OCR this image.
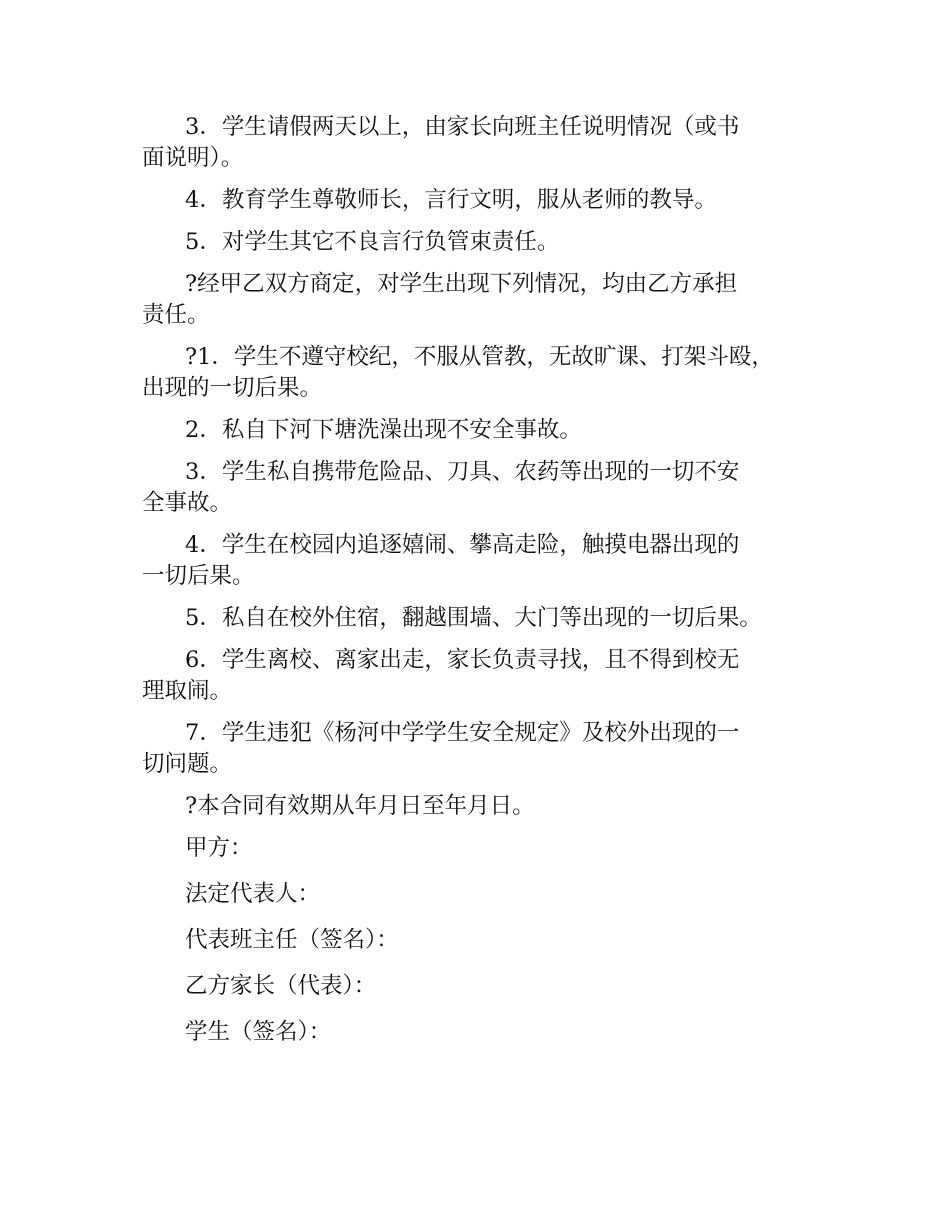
3．学生请假两天以上，由家长向班主任说明情况（或书
面说明）。

4．教育学生尊敬师长，言行文明，服从老师的教导。

5．对学生其它不良言行负管束责任。

?经甲乙双方商定，对学生出现下列情况，均由乙方承担
责任。

?1．学生不遵守校纪，不服从管教，无故旷课、打架斗殴，
出现的一切后果。

2．私自下河下塘洗澡出现不安全事故。

3．学生私自携带危险品、刀具、农药等出现的一切不安
全事故。

4．学生在校园内追逐嬉闹、攀高走险，触摸电器出现的
一切后果。

5．私自在校外住宿，翻越围墙、大门等出现的一切后果。

6．学生离校、离家出走，家长负责寻找，且不得到校无
理取闹。

7．学生违犯《杨河中学学生安全规定》及校外出现的一
切问题。

?本合同有效期从年月日至年月日。

甲方：

法定代表人：

代表班主任（签名）：

乙方家长（代表）：

学生（签名）：
